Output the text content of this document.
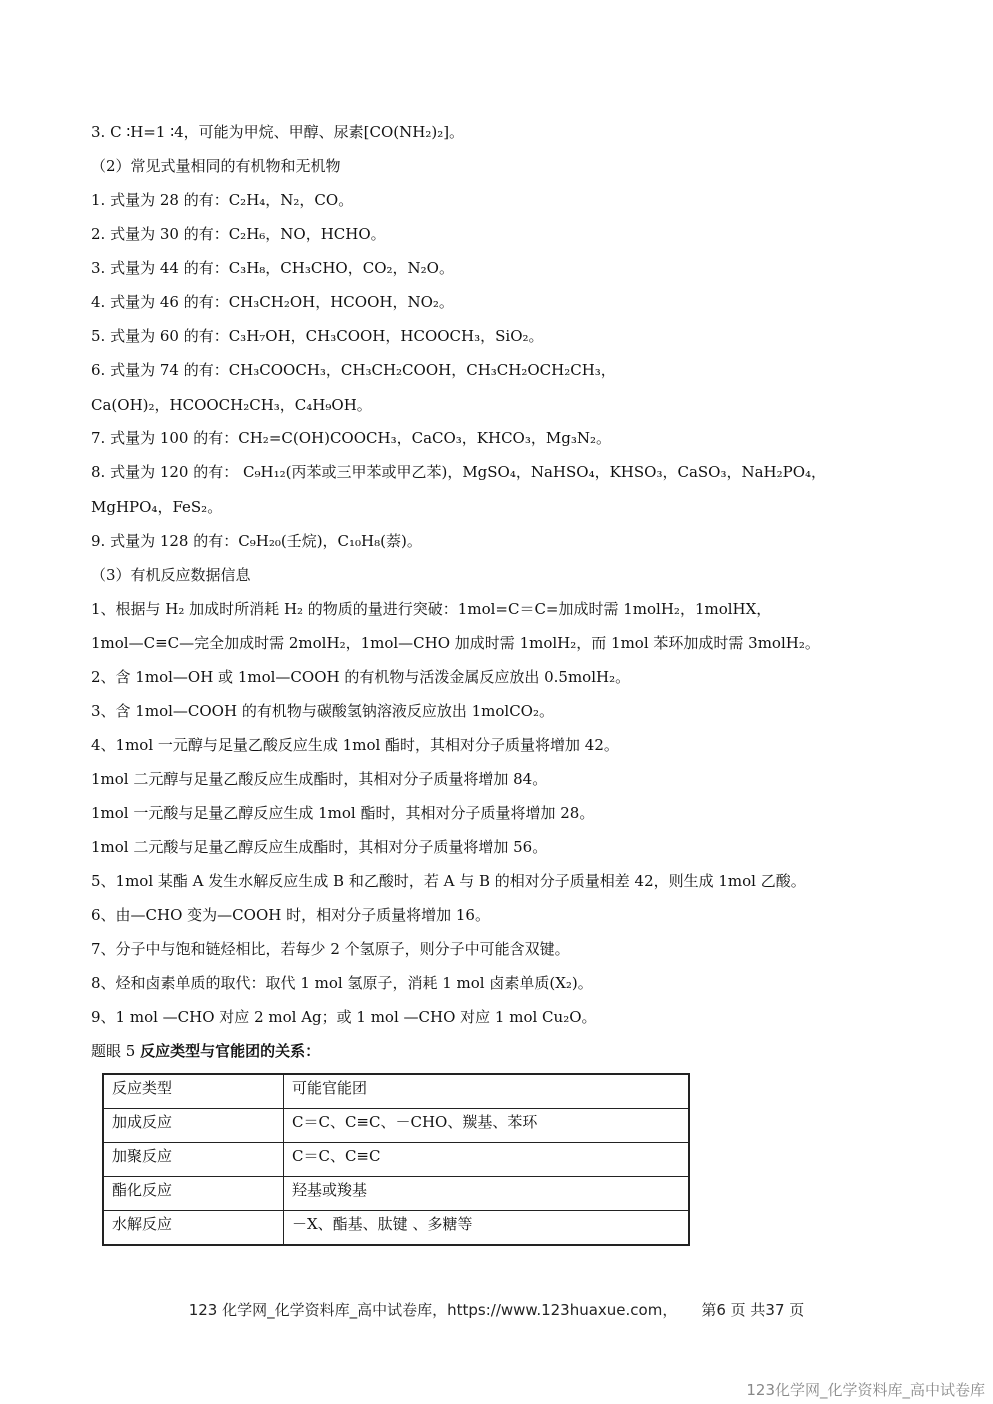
3. C ∶H=1 ∶4，可能为甲烷、甲醇、尿素[CO(NH₂)₂]。
（2）常见式量相同的有机物和无机物
1. 式量为 28 的有：C₂H₄，N₂，CO。
2. 式量为 30 的有：C₂H₆，NO，HCHO。
3. 式量为 44 的有：C₃H₈，CH₃CHO，CO₂，N₂O。
4. 式量为 46 的有：CH₃CH₂OH，HCOOH，NO₂。
5. 式量为 60 的有：C₃H₇OH，CH₃COOH，HCOOCH₃，SiO₂。
6. 式量为 74 的有：CH₃COOCH₃，CH₃CH₂COOH，CH₃CH₂OCH₂CH₃，
Ca(OH)₂，HCOOCH₂CH₃，C₄H₉OH。
7. 式量为 100 的有：CH₂=C(OH)COOCH₃，CaCO₃，KHCO₃，Mg₃N₂。
8. 式量为 120 的有： C₉H₁₂(丙苯或三甲苯或甲乙苯)，MgSO₄，NaHSO₄，KHSO₃，CaSO₃，NaH₂PO₄，
MgHPO₄，FeS₂。
9. 式量为 128 的有：C₉H₂₀(壬烷)，C₁₀H₈(萘)。
（3）有机反应数据信息
1、根据与 H₂ 加成时所消耗 H₂ 的物质的量进行突破：1mol=C＝C=加成时需 1molH₂，1molHX，
1mol—C≡C—完全加成时需 2molH₂，1mol—CHO 加成时需 1molH₂，而 1mol 苯环加成时需 3molH₂。
2、含 1mol—OH 或 1mol—COOH 的有机物与活泼金属反应放出 0.5molH₂。
3、含 1mol—COOH 的有机物与碳酸氢钠溶液反应放出 1molCO₂。
4、1mol 一元醇与足量乙酸反应生成 1mol 酯时，其相对分子质量将增加 42。
1mol 二元醇与足量乙酸反应生成酯时，其相对分子质量将增加 84。
1mol 一元酸与足量乙醇反应生成 1mol 酯时，其相对分子质量将增加 28。
1mol 二元酸与足量乙醇反应生成酯时，其相对分子质量将增加 56。
5、1mol 某酯 A 发生水解反应生成 B 和乙酸时，若 A 与 B 的相对分子质量相差 42，则生成 1mol 乙酸。
6、由—CHO 变为—COOH 时，相对分子质量将增加 16。
7、分子中与饱和链烃相比，若每少 2 个氢原子，则分子中可能含双键。
8、烃和卤素单质的取代：取代 1 mol 氢原子，消耗 1 mol 卤素单质(X₂)。
9、1 mol —CHO 对应 2 mol Ag；或 1 mol —CHO 对应 1 mol Cu₂O。
题眼 5 反应类型与官能团的关系：
反应类型	可能官能团
加成反应	C＝C、C≡C、－CHO、羰基、苯环
加聚反应	C＝C、C≡C
酯化反应	羟基或羧基
水解反应	－X、酯基、肽键 、多糖等
123 化学网_化学资料库_高中试卷库，https://www.123huaxue.com， 第6 页 共37 页
123化学网_化学资料库_高中试卷库
